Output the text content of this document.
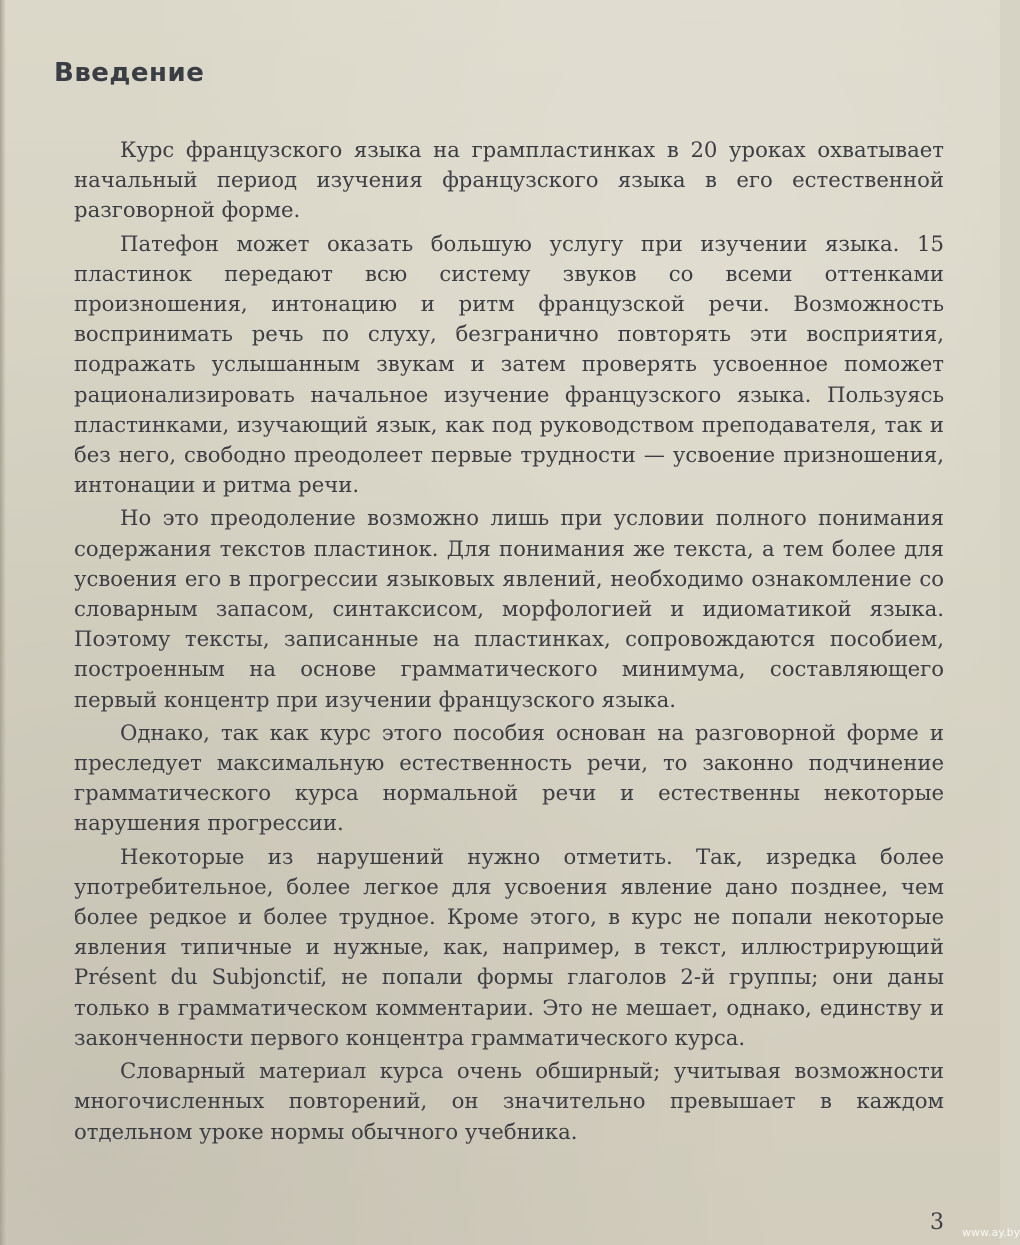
Введение

Курс французского языка на грампластинках в 20 уроках охватывает начальный период изучения французского языка в его естественной разговорной форме.

Патефон может оказать большую услугу при изучении языка. 15 пластинок передают всю систему звуков со всеми оттенками произношения, интонацию и ритм французской речи. Возможность воспринимать речь по слуху, безгранично повторять эти восприятия, подражать услышанным звукам и затем проверять усвоенное поможет рационализировать начальное изучение французского языка. Пользуясь пластинками, изучающий язык, как под руководством преподавателя, так и без него, свободно преодолеет первые трудности — усвоение призношения, интонации и ритма речи.

Но это преодоление возможно лишь при условии полного понимания содержания текстов пластинок. Для понимания же текста, а тем более для усвоения его в прогрессии языковых явлений, необходимо ознакомление со словарным запасом, синтаксисом, морфологией и идиоматикой языка. Поэтому тексты, записанные на пластинках, сопровождаются пособием, построенным на основе грамматического минимума, составляющего первый концентр при изучении французского языка.

Однако, так как курс этого пособия основан на разговорной форме и преследует максимальную естественность речи, то законно подчинение грамматического курса нормальной речи и естественны некоторые нарушения прогрессии.

Некоторые из нарушений нужно отметить. Так, изредка более употребительное, более легкое для усвоения явление дано позднее, чем более редкое и более трудное. Кроме этого, в курс не попали некоторые явления типичные и нужные, как, например, в текст, иллюстрирующий Présent du Subjonctif, не попали формы глаголов 2-й группы; они даны только в грамматическом комментарии. Это не мешает, однако, единству и законченности первого концентра грамматического курса.

Словарный материал курса очень обширный; учитывая возможности многочисленных повторений, он значительно превышает в каждом отдельном уроке нормы обычного учебника.

3 www.ay.by
